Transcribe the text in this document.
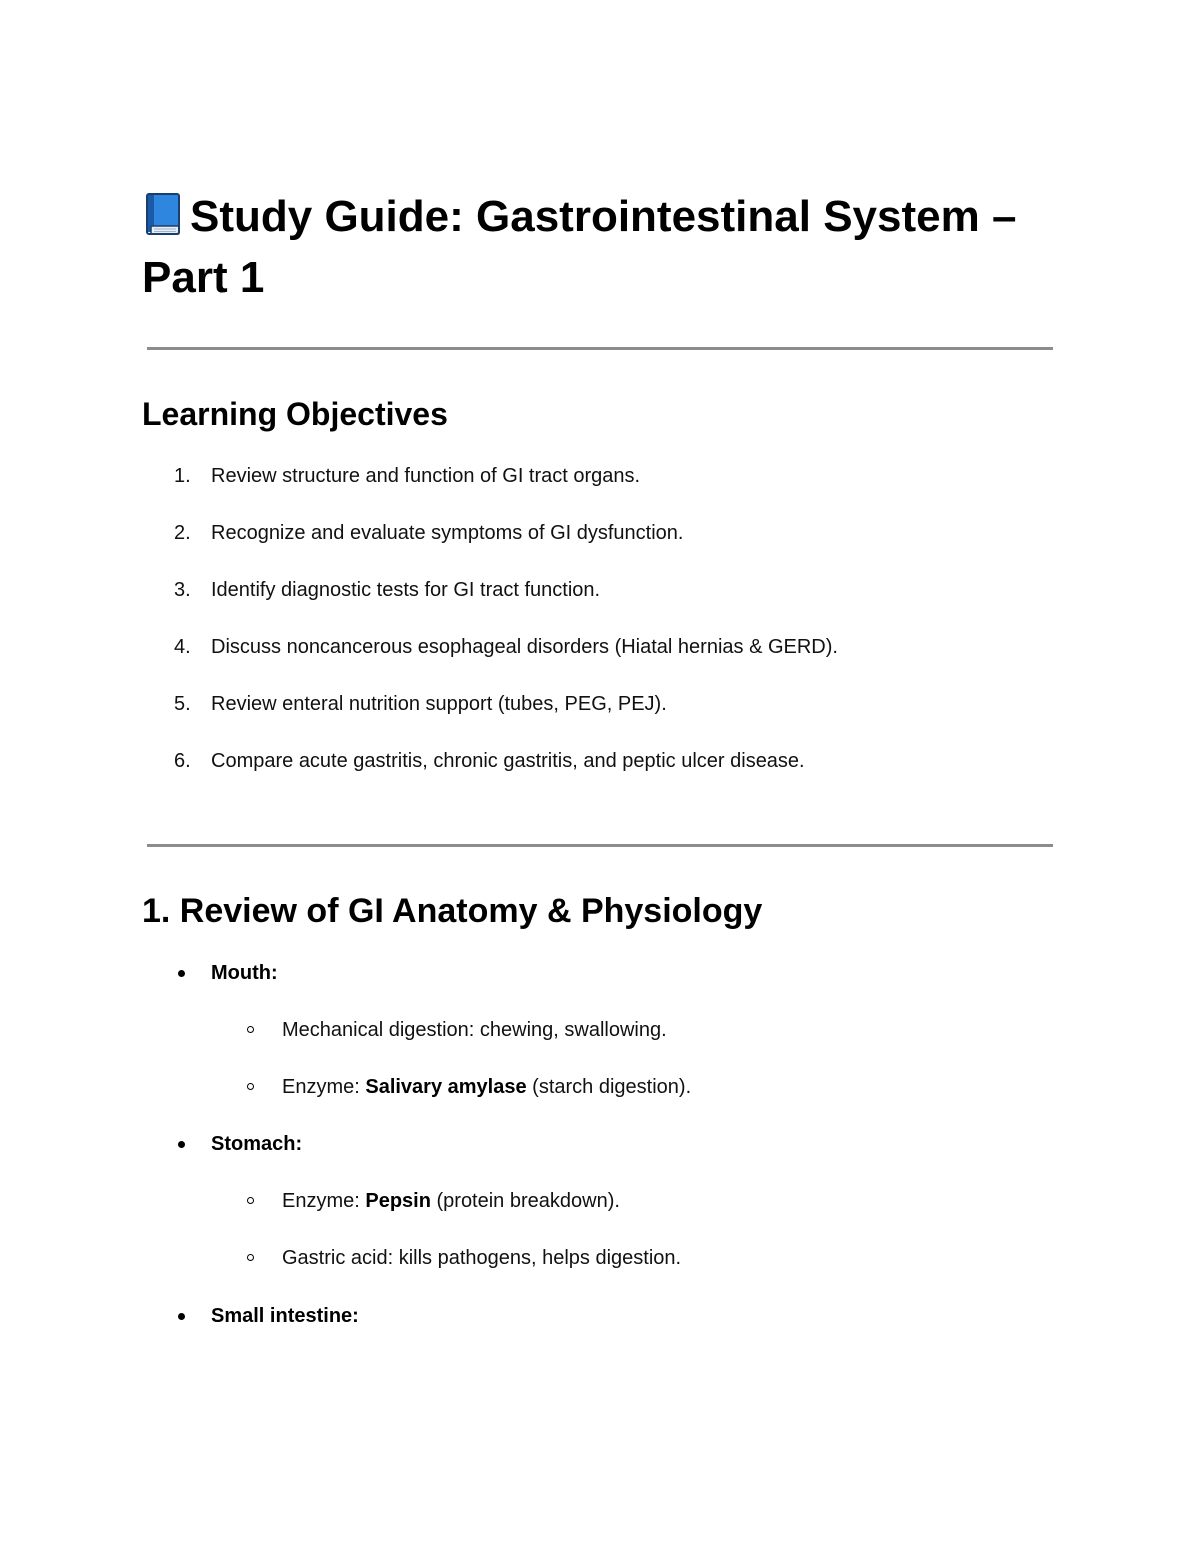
Study Guide: Gastrointestinal System – Part 1
Learning Objectives
1. Review structure and function of GI tract organs.
2. Recognize and evaluate symptoms of GI dysfunction.
3. Identify diagnostic tests for GI tract function.
4. Discuss noncancerous esophageal disorders (Hiatal hernias & GERD).
5. Review enteral nutrition support (tubes, PEG, PEJ).
6. Compare acute gastritis, chronic gastritis, and peptic ulcer disease.
1. Review of GI Anatomy & Physiology
Mouth:
Mechanical digestion: chewing, swallowing.
Enzyme: Salivary amylase (starch digestion).
Stomach:
Enzyme: Pepsin (protein breakdown).
Gastric acid: kills pathogens, helps digestion.
Small intestine:
